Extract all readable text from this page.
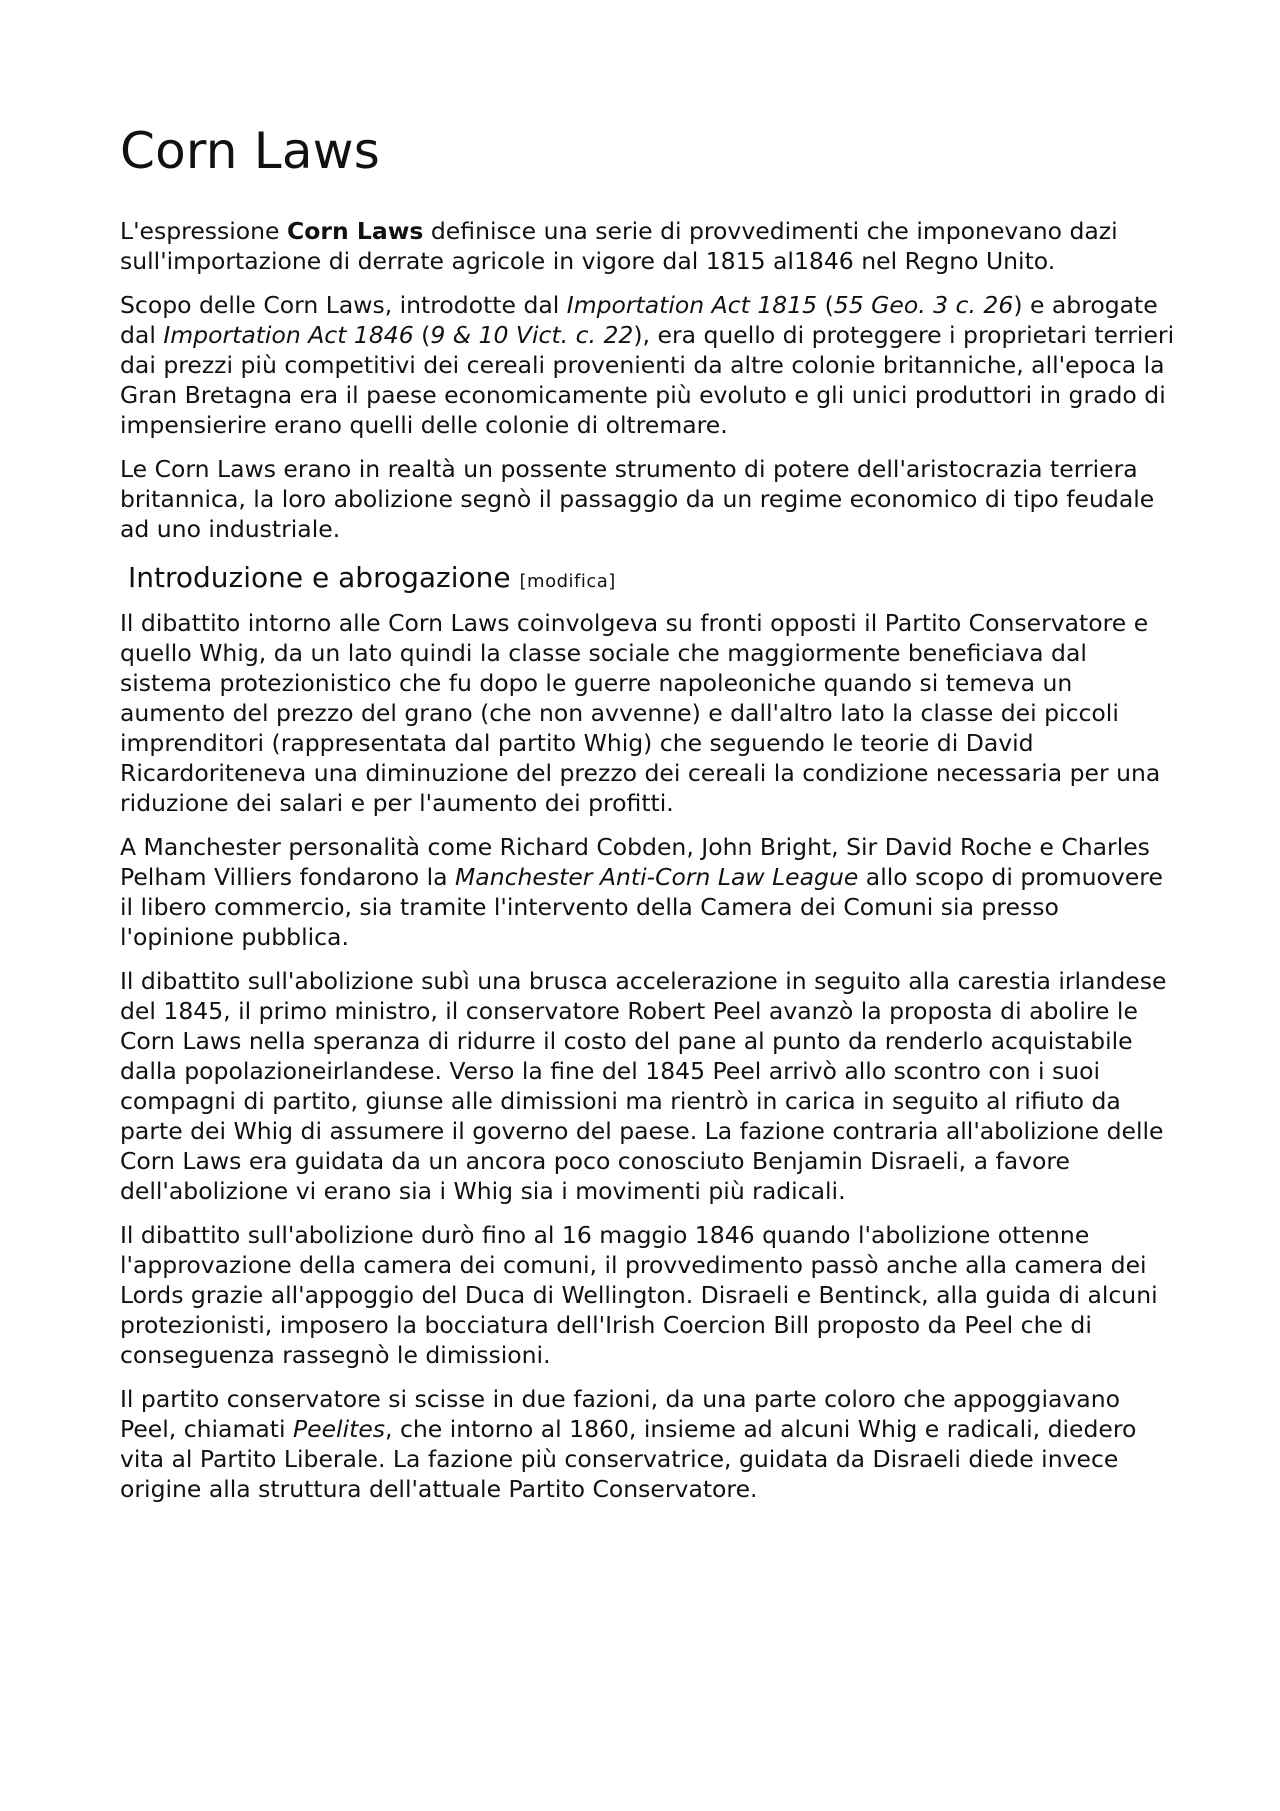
Corn Laws

L'espressione Corn Laws definisce una serie di provvedimenti che imponevano dazi sull'importazione di derrate agricole in vigore dal 1815 al1846 nel Regno Unito.

Scopo delle Corn Laws, introdotte dal Importation Act 1815 (55 Geo. 3 c. 26) e abrogate dal Importation Act 1846 (9 & 10 Vict. c. 22), era quello di proteggere i proprietari terrieri dai prezzi più competitivi dei cereali provenienti da altre colonie britanniche, all'epoca la Gran Bretagna era il paese economicamente più evoluto e gli unici produttori in grado di impensierire erano quelli delle colonie di oltremare.

Le Corn Laws erano in realtà un possente strumento di potere dell'aristocrazia terriera britannica, la loro abolizione segnò il passaggio da un regime economico di tipo feudale ad uno industriale.

Introduzione e abrogazione [modifica]

Il dibattito intorno alle Corn Laws coinvolgeva su fronti opposti il Partito Conservatore e quello Whig, da un lato quindi la classe sociale che maggiormente beneficiava dal sistema protezionistico che fu dopo le guerre napoleoniche quando si temeva un aumento del prezzo del grano (che non avvenne) e dall'altro lato la classe dei piccoli imprenditori (rappresentata dal partito Whig) che seguendo le teorie di David Ricardoriteneva una diminuzione del prezzo dei cereali la condizione necessaria per una riduzione dei salari e per l'aumento dei profitti.

A Manchester personalità come Richard Cobden, John Bright, Sir David Roche e Charles Pelham Villiers fondarono la Manchester Anti-Corn Law League allo scopo di promuovere il libero commercio, sia tramite l'intervento della Camera dei Comuni sia presso l'opinione pubblica.

Il dibattito sull'abolizione subì una brusca accelerazione in seguito alla carestia irlandese del 1845, il primo ministro, il conservatore Robert Peel avanzò la proposta di abolire le Corn Laws nella speranza di ridurre il costo del pane al punto da renderlo acquistabile dalla popolazioneirlandese. Verso la fine del 1845 Peel arrivò allo scontro con i suoi compagni di partito, giunse alle dimissioni ma rientrò in carica in seguito al rifiuto da parte dei Whig di assumere il governo del paese. La fazione contraria all'abolizione delle Corn Laws era guidata da un ancora poco conosciuto Benjamin Disraeli, a favore dell'abolizione vi erano sia i Whig sia i movimenti più radicali.

Il dibattito sull'abolizione durò fino al 16 maggio 1846 quando l'abolizione ottenne l'approvazione della camera dei comuni, il provvedimento passò anche alla camera dei Lords grazie all'appoggio del Duca di Wellington. Disraeli e Bentinck, alla guida di alcuni protezionisti, imposero la bocciatura dell'Irish Coercion Bill proposto da Peel che di conseguenza rassegnò le dimissioni.

Il partito conservatore si scisse in due fazioni, da una parte coloro che appoggiavano Peel, chiamati Peelites, che intorno al 1860, insieme ad alcuni Whig e radicali, diedero vita al Partito Liberale. La fazione più conservatrice, guidata da Disraeli diede invece origine alla struttura dell'attuale Partito Conservatore.
